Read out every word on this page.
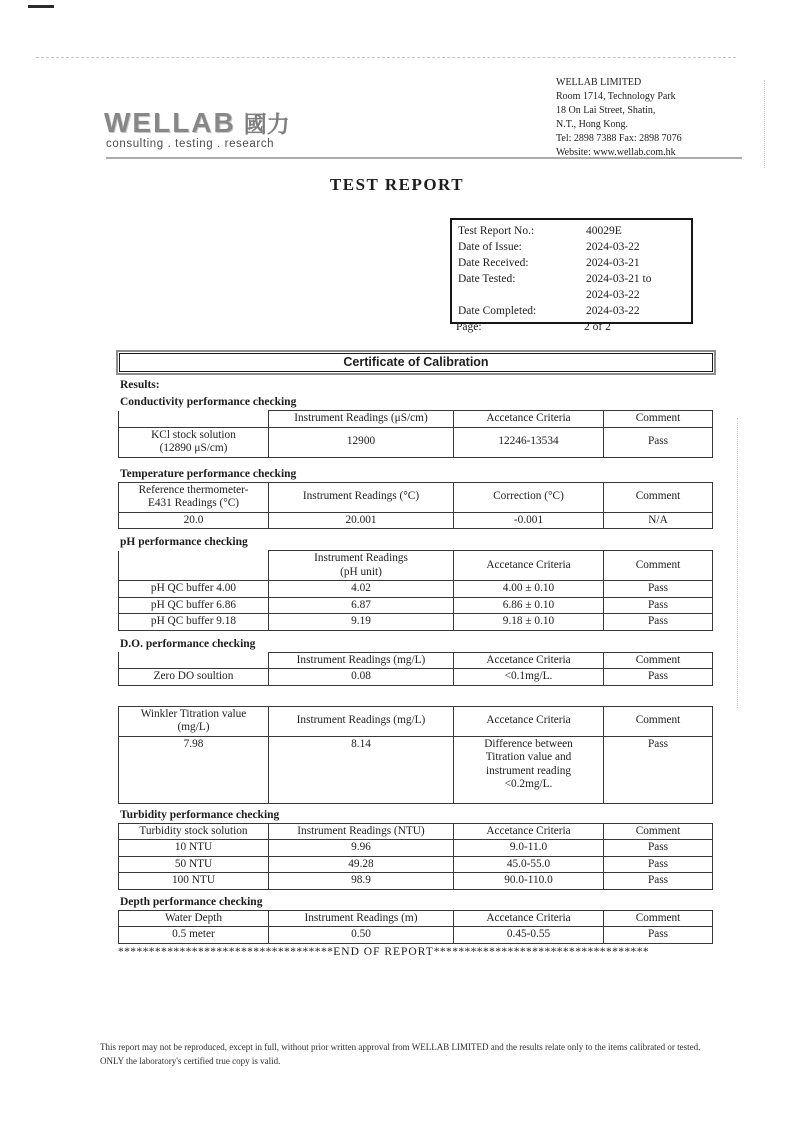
WELLAB 國力
consulting . testing . research
WELLAB LIMITED
Room 1714, Technology Park
18 On Lai Street, Shatin,
N.T., Hong Kong.
Tel: 2898 7388 Fax: 2898 7076
Website: www.wellab.com.hk
TEST REPORT
Test Report No.:	40029E
Date of Issue:	2024-03-22
Date Received:	2024-03-21
Date Tested:	2024-03-21 to
2024-03-22
Date Completed:	2024-03-22
Page:	2 of 2
Certificate of Calibration
Results:
Conductivity performance checking
	Instrument Readings (μS/cm)	Accetance Criteria	Comment
KCl stock solution
(12890 μS/cm)	12900	12246-13534	Pass
Temperature performance checking
Reference thermometer-
E431 Readings (°C)	Instrument Readings (°C)	Correction (°C)	Comment
20.0	20.001	-0.001	N/A
pH performance checking
	Instrument Readings
(pH unit)	Accetance Criteria	Comment
pH QC buffer 4.00	4.02	4.00 ± 0.10	Pass
pH QC buffer 6.86	6.87	6.86 ± 0.10	Pass
pH QC buffer 9.18	9.19	9.18 ± 0.10	Pass
D.O. performance checking
	Instrument Readings (mg/L)	Accetance Criteria	Comment
Zero DO soultion	0.08	<0.1mg/L.	Pass
Winkler Titration value
(mg/L)	Instrument Readings (mg/L)	Accetance Criteria	Comment
7.98	8.14	Difference between
Titration value and
instrument reading
<0.2mg/L.	Pass
Turbidity performance checking
Turbidity stock solution	Instrument Readings (NTU)	Accetance Criteria	Comment
10 NTU	9.96	9.0-11.0	Pass
50 NTU	49.28	45.0-55.0	Pass
100 NTU	98.9	90.0-110.0	Pass
Depth performance checking
Water Depth	Instrument Readings (m)	Accetance Criteria	Comment
0.5 meter	0.50	0.45-0.55	Pass
***********************************END OF REPORT***********************************
This report may not be reproduced, except in full, without prior written approval from WELLAB LIMITED and the results relate only to the items calibrated or tested. ONLY the laboratory's certified true copy is valid.
